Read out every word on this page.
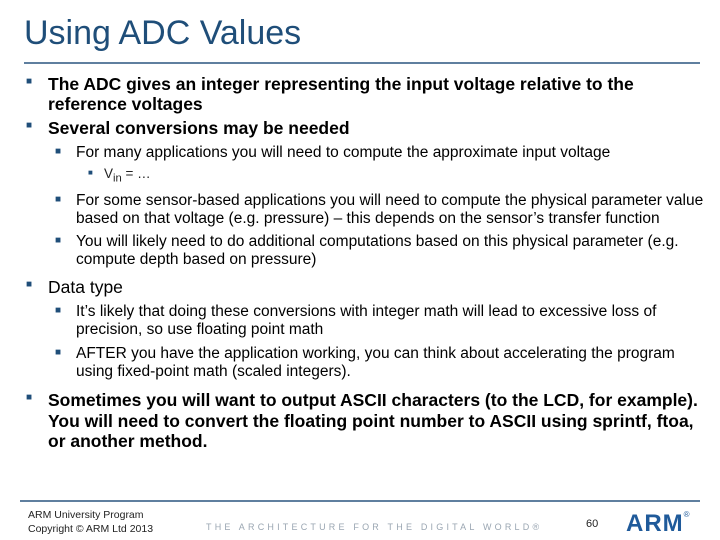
Using ADC Values

■ The ADC gives an integer representing the input voltage relative to the reference voltages

■ Several conversions may be needed

■ For many applications you will need to compute the approximate input voltage

■ $V_{in}$ = …

■ For some sensor-based applications you will need to compute the physical parameter value based on that voltage (e.g. pressure) – this depends on the sensor’s transfer function

■ You will likely need to do additional computations based on this physical parameter (e.g. compute depth based on pressure)

■ Data type

■ It’s likely that doing these conversions with integer math will lead to excessive loss of precision, so use floating point math

■ AFTER you have the application working, you can think about accelerating the program using fixed-point math (scaled integers).

■ Sometimes you will want to output ASCII characters (to the LCD, for example). You will need to convert the floating point number to ASCII using sprintf, ftoa, or another method.

ARM University Program
Copyright © ARM Ltd 2013	THE ARCHITECTURE FOR THE DIGITAL WORLD®	60 ARM®
